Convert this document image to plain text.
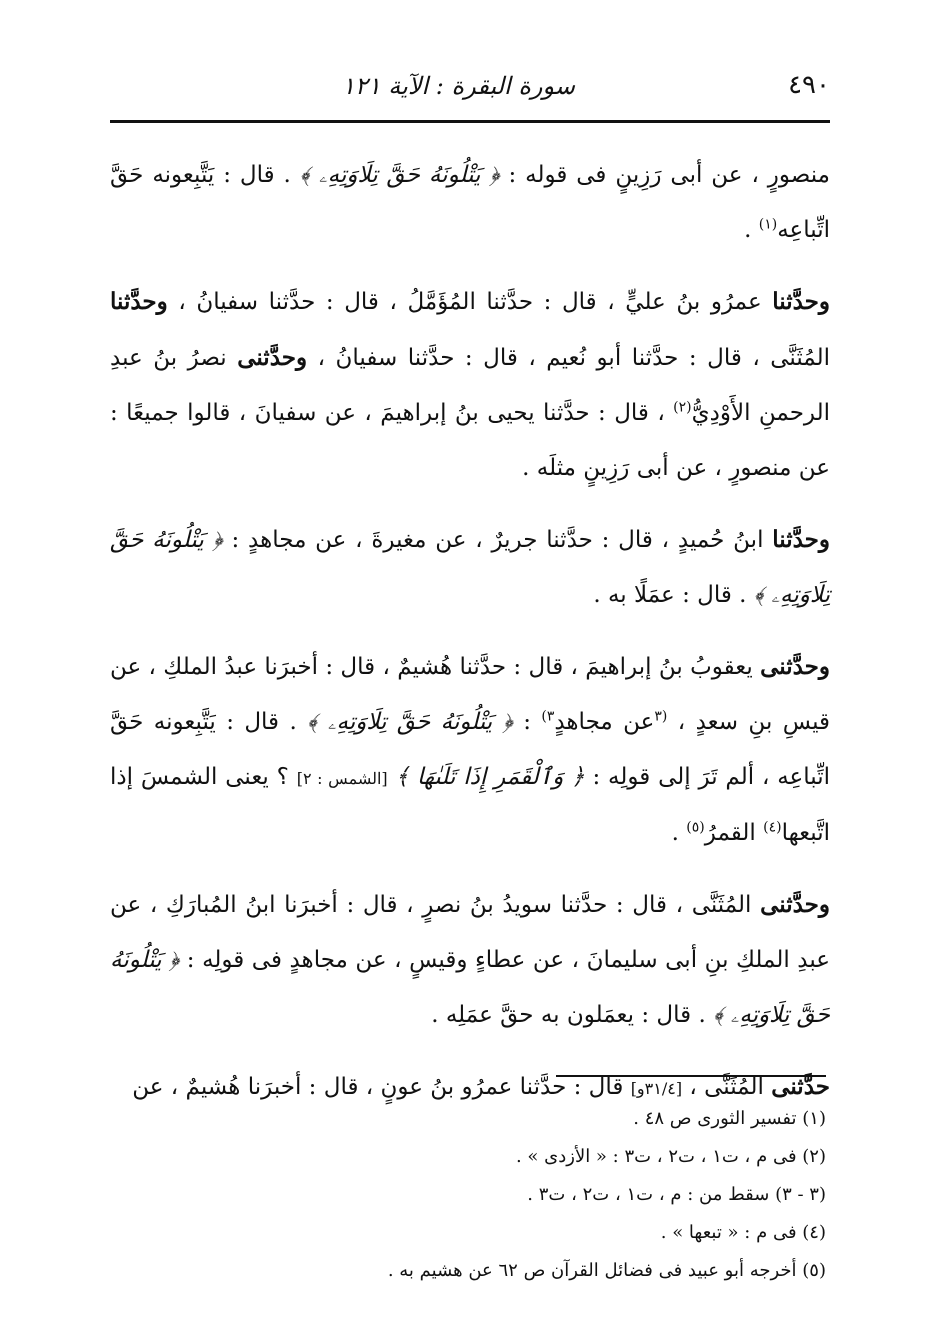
٤٩٠
سورة البقرة : الآية ١٢١

منصورٍ ، عن أبى رَزِينٍ فى قوله : ﴿ يَتْلُونَهُ حَقَّ تِلَاوَتِهِۦ ﴾ . قال : يَتَّبِعونه حَقَّ اتِّباعِه$^{(١)}$ .

وحدَّثنا عمرُو بنُ عليٍّ ، قال : حدَّثنا المُؤَمَّلُ ، قال : حدَّثنا سفيانُ ، وحدَّثنا المُثَنَّى ، قال : حدَّثنا أبو نُعيم ، قال : حدَّثنا سفيانُ ، وحدَّثنى نصرُ بنُ عبدِ الرحمنِ الأَوْدِيُّ$^{(٢)}$ ، قال : حدَّثنا يحيى بنُ إبراهيمَ ، عن سفيانَ ، قالوا جميعًا : عن منصورٍ ، عن أبى رَزِينٍ مثلَه .

وحدَّثنا ابنُ حُميدٍ ، قال : حدَّثنا جريرٌ ، عن مغيرةَ ، عن مجاهدٍ : ﴿ يَتْلُونَهُ حَقَّ تِلَاوَتِهِۦ ﴾ . قال : عمَلًا به .

وحدَّثنى يعقوبُ بنُ إبراهيمَ ، قال : حدَّثنا هُشيمٌ ، قال : أخبرَنا عبدُ الملكِ ، عن قيسِ بنِ سعدٍ ، $^{(٣}$عن مجاهدٍ$^{٣)}$ : ﴿ يَتْلُونَهُ حَقَّ تِلَاوَتِهِۦ ﴾ . قال : يَتَّبِعونه حَقَّ اتِّباعِه ، ألم تَرَ إلى قولِه : ﴿ وَٱلْقَمَرِ إِذَا تَلَىٰهَا ﴾ [الشمس : ٢] ؟ يعنى الشمسَ إذا اتَّبعها$^{(٤)}$ القمرُ$^{(٥)}$ .

وحدَّثنى المُثَنَّى ، قال : حدَّثنا سويدُ بنُ نصرٍ ، قال : أخبرَنا ابنُ المُبارَكِ ، عن عبدِ الملكِ بنِ أبى سليمانَ ، عن عطاءٍ وقيسٍ ، عن مجاهدٍ فى قولِه : ﴿ يَتْلُونَهُ حَقَّ تِلَاوَتِهِۦ ﴾ . قال : يعمَلون به حقَّ عمَلِه .

حدَّثنى المُثَنَّى ، [٣١/٤و] قال : حدَّثنا عمرُو بنُ عونٍ ، قال : أخبرَنا هُشيمٌ ، عن

(١) تفسير الثورى ص ٤٨ .

(٢) فى م ، ت١ ، ت٢ ، ت٣ : « الأزدى » .

(٣ - ٣) سقط من : م ، ت١ ، ت٢ ، ت٣ .

(٤) فى م : « تبعها » .

(٥) أخرجه أبو عبيد فى فضائل القرآن ص ٦٢ عن هشيم به .
